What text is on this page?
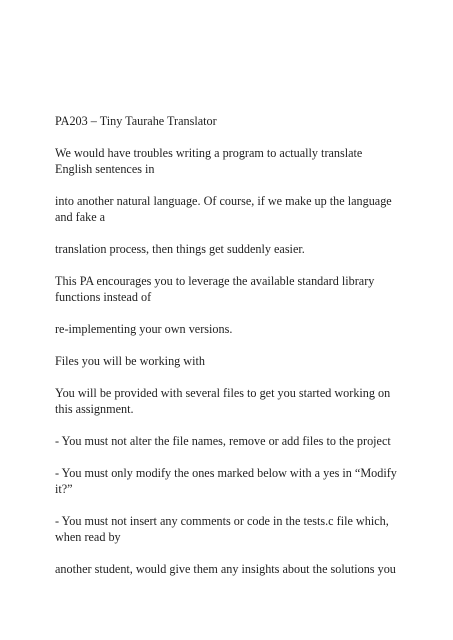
PA203 – Tiny Taurahe Translator

We would have troubles writing a program to actually translate English sentences in

into another natural language. Of course, if we make up the language and fake a

translation process, then things get suddenly easier.

This PA encourages you to leverage the available standard library functions instead of

re-implementing your own versions.

Files you will be working with

You will be provided with several files to get you started working on this assignment.

- You must not alter the file names, remove or add files to the project

- You must only modify the ones marked below with a yes in “Modify it?”

- You must not insert any comments or code in the tests.c file which, when read by

another student, would give them any insights about the solutions you
